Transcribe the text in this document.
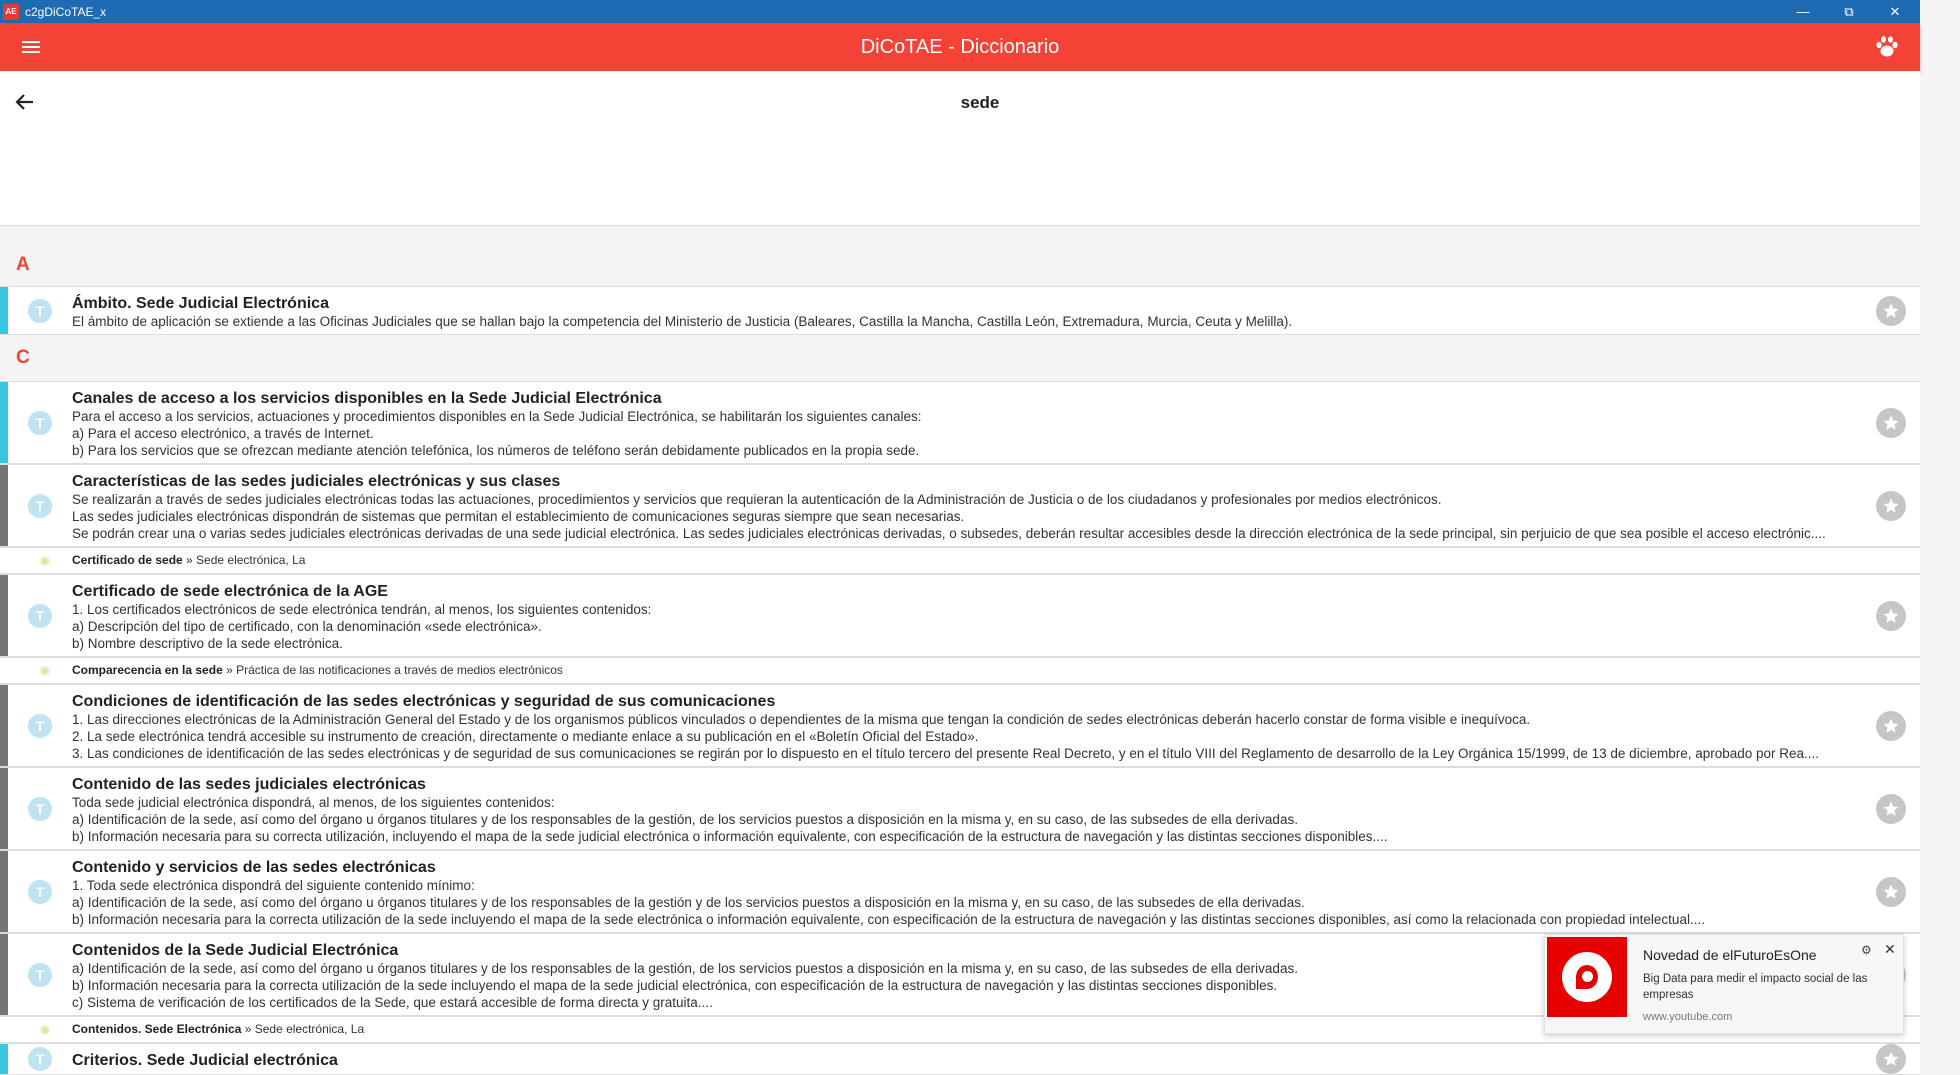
AE c2gDiCoTAE_x	—	⧉	✕
DiCoTAE - Diccionario
sede
A
T	Ámbito. Sede Judicial Electrónica
El ámbito de aplicación se extiende a las Oficinas Judiciales que se hallan bajo la competencia del Ministerio de Justicia (Baleares, Castilla la Mancha, Castilla León, Extremadura, Murcia, Ceuta y Melilla).
C
T
Canales de acceso a los servicios disponibles en la Sede Judicial Electrónica
Para el acceso a los servicios, actuaciones y procedimientos disponibles en la Sede Judicial Electrónica, se habilitarán los siguientes canales:
a) Para el acceso electrónico, a través de Internet.
b) Para los servicios que se ofrezcan mediante atención telefónica, los números de teléfono serán debidamente publicados en la propia sede.
T
Características de las sedes judiciales electrónicas y sus clases
Se realizarán a través de sedes judiciales electrónicas todas las actuaciones, procedimientos y servicios que requieran la autenticación de la Administración de Justicia o de los ciudadanos y profesionales por medios electrónicos.
Las sedes judiciales electrónicas dispondrán de sistemas que permitan el establecimiento de comunicaciones seguras siempre que sean necesarias.
Se podrán crear una o varias sedes judiciales electrónicas derivadas de una sede judicial electrónica. Las sedes judiciales electrónicas derivadas, o subsedes, deberán resultar accesibles desde la dirección electrónica de la sede principal, sin perjuicio de que sea posible el acceso electrónic....
Certificado de sede » Sede electrónica, La
T
Certificado de sede electrónica de la AGE
1. Los certificados electrónicos de sede electrónica tendrán, al menos, los siguientes contenidos:
a) Descripción del tipo de certificado, con la denominación «sede electrónica».
b) Nombre descriptivo de la sede electrónica.
Comparecencia en la sede » Práctica de las notificaciones a través de medios electrónicos
T
Condiciones de identificación de las sedes electrónicas y seguridad de sus comunicaciones
1. Las direcciones electrónicas de la Administración General del Estado y de los organismos públicos vinculados o dependientes de la misma que tengan la condición de sedes electrónicas deberán hacerlo constar de forma visible e inequívoca.
2. La sede electrónica tendrá accesible su instrumento de creación, directamente o mediante enlace a su publicación en el «Boletín Oficial del Estado».
3. Las condiciones de identificación de las sedes electrónicas y de seguridad de sus comunicaciones se regirán por lo dispuesto en el título tercero del presente Real Decreto, y en el título VIII del Reglamento de desarrollo de la Ley Orgánica 15/1999, de 13 de diciembre, aprobado por Rea....
T
Contenido de las sedes judiciales electrónicas
Toda sede judicial electrónica dispondrá, al menos, de los siguientes contenidos:
a) Identificación de la sede, así como del órgano u órganos titulares y de los responsables de la gestión, de los servicios puestos a disposición en la misma y, en su caso, de las subsedes de ella derivadas.
b) Información necesaria para su correcta utilización, incluyendo el mapa de la sede judicial electrónica o información equivalente, con especificación de la estructura de navegación y las distintas secciones disponibles....
T
Contenido y servicios de las sedes electrónicas
1. Toda sede electrónica dispondrá del siguiente contenido mínimo:
a) Identificación de la sede, así como del órgano u órganos titulares y de los responsables de la gestión y de los servicios puestos a disposición en la misma y, en su caso, de las subsedes de ella derivadas.
b) Información necesaria para la correcta utilización de la sede incluyendo el mapa de la sede electrónica o información equivalente, con especificación de la estructura de navegación y las distintas secciones disponibles, así como la relacionada con propiedad intelectual....
T
Contenidos de la Sede Judicial Electrónica
a) Identificación de la sede, así como del órgano u órganos titulares y de los responsables de la gestión, de los servicios puestos a disposición en la misma y, en su caso, de las subsedes de ella derivadas.
b) Información necesaria para la correcta utilización de la sede incluyendo el mapa de la sede judicial electrónica, con especificación de la estructura de navegación y las distintas secciones disponibles.
c) Sistema de verificación de los certificados de la Sede, que estará accesible de forma directa y gratuita....
Contenidos. Sede Electrónica » Sede electrónica, La
T	Criterios. Sede Judicial electrónica
Novedad de elFuturoEsOne
Big Data para medir el impacto social de las empresas
www.youtube.com
⚙ ✕
